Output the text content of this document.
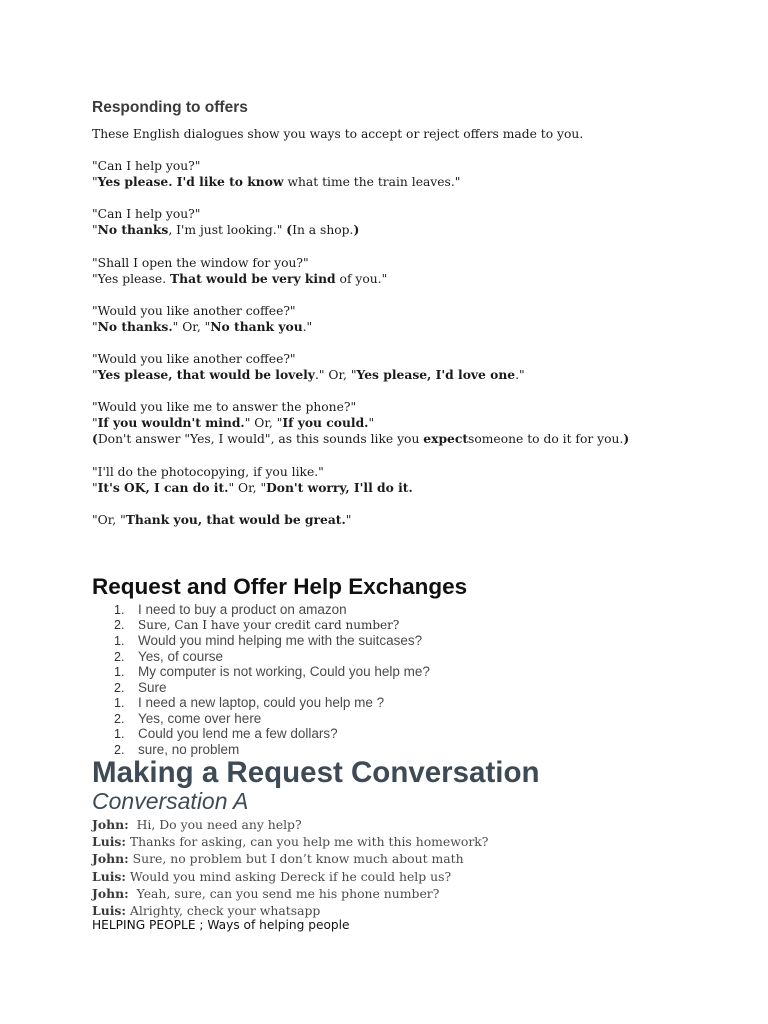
Responding to offers
These English dialogues show you ways to accept or reject offers made to you.
"Can I help you?"
"Yes please. I'd like to know what time the train leaves."
"Can I help you?"
"No thanks, I'm just looking." (In a shop.)
"Shall I open the window for you?"
"Yes please. That would be very kind of you."
"Would you like another coffee?"
"No thanks." Or, "No thank you."
"Would you like another coffee?"
"Yes please, that would be lovely." Or, "Yes please, I'd love one."
"Would you like me to answer the phone?"
"If you wouldn't mind." Or, "If you could."
(Don't answer "Yes, I would", as this sounds like you expectsomeone to do it for you.)
"I'll do the photocopying, if you like."
"It's OK, I can do it." Or, "Don't worry, I'll do it.
"Or, "Thank you, that would be great."
Request and Offer Help Exchanges
1. I need to buy a product on amazon
2. Sure, Can I have your credit card number?
1. Would you mind helping me with the suitcases?
2. Yes, of course
1. My computer is not working, Could you help me?
2. Sure
1. I need a new laptop, could you help me ?
2. Yes, come over here
1. Could you lend me a few dollars?
2. sure, no problem
Making a Request Conversation
Conversation A
John:  Hi, Do you need any help?
Luis: Thanks for asking, can you help me with this homework?
John: Sure, no problem but I don’t know much about math
Luis: Would you mind asking Dereck if he could help us?
John:  Yeah, sure, can you send me his phone number?
Luis: Alrighty, check your whatsapp
HELPING PEOPLE ; Ways of helping people
